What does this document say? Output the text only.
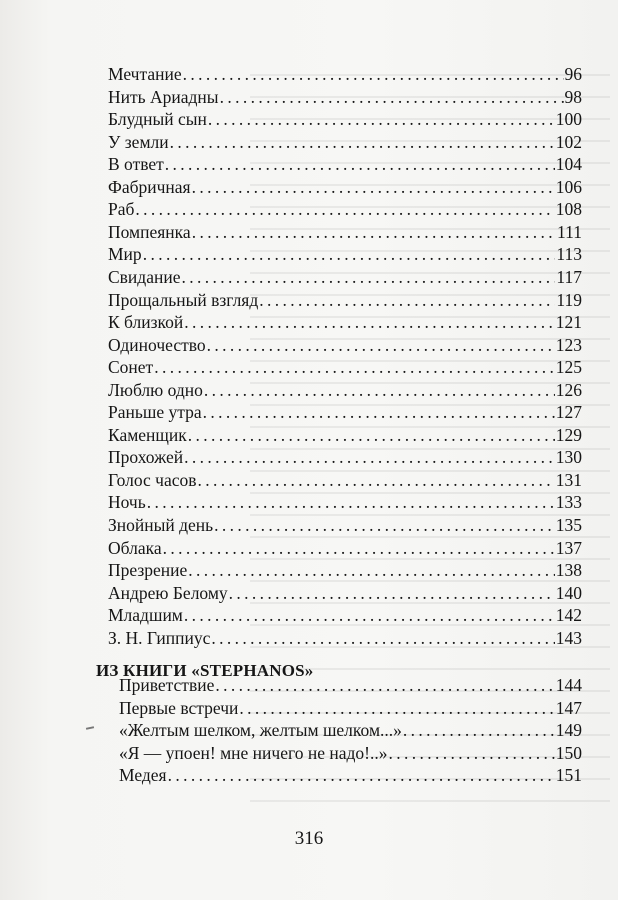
Мечтание . . .	96
Нить Ариадны . . .	98
Блудный сын . . .	100
У земли . . .	102
В ответ . . .	104
Фабричная . . .	106
Раб . . .	108
Помпеянка . . .	111
Мир . . .	113
Свидание . . .	117
Прощальный взгляд . . .	119
К близкой . . .	121
Одиночество . . .	123
Сонет . . .	125
Люблю одно . . .	126
Раньше утра . . .	127
Каменщик . . .	129
Прохожей . . .	130
Голос часов . . .	131
Ночь . . .	133
Знойный день . . .	135
Облака . . .	137
Презрение . . .	138
Андрею Белому . . .	140
Младшим . . .	142
З. Н. Гиппиус . . .	143
Приветствие . . .	144
Первые встречи . . .	147
«Желтым шелком, желтым шелком...» . . .	149
«Я — упоен! мне ничего не надо!..» . . .	150
Медея . . .	151
ИЗ КНИГИ «STEPHANOS»
316
